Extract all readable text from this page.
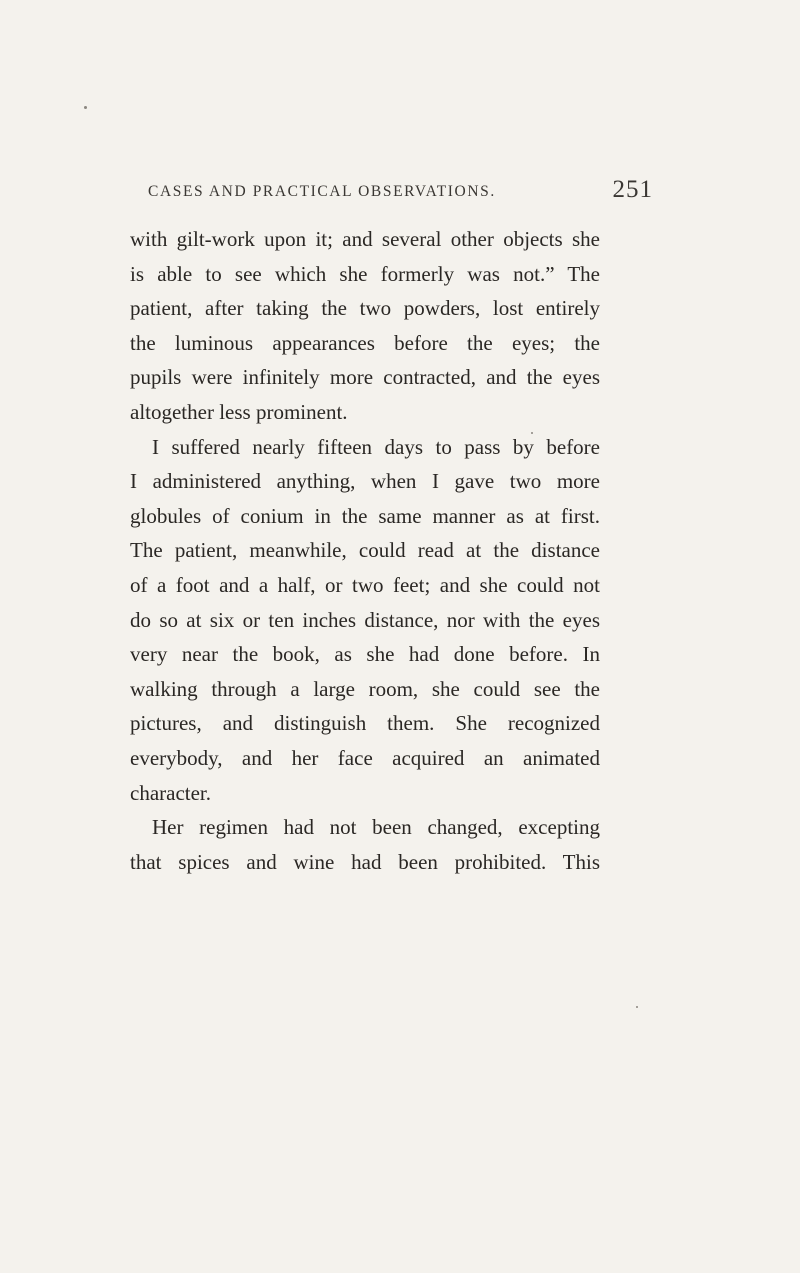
CASES AND PRACTICAL OBSERVATIONS.	251
with gilt-work upon it; and several other objects she
is able to see which she formerly was not.” The
patient, after taking the two powders, lost entirely
the luminous appearances before the eyes; the
pupils were infinitely more contracted, and the eyes
altogether less prominent.
I suffered nearly fifteen days to pass by before
I administered anything, when I gave two more
globules of conium in the same manner as at first.
The patient, meanwhile, could read at the distance
of a foot and a half, or two feet; and she could not
do so at six or ten inches distance, nor with the eyes
very near the book, as she had done before. In
walking through a large room, she could see the
pictures, and distinguish them. She recognized
everybody, and her face acquired an animated
character.
Her regimen had not been changed, excepting
that spices and wine had been prohibited. This
